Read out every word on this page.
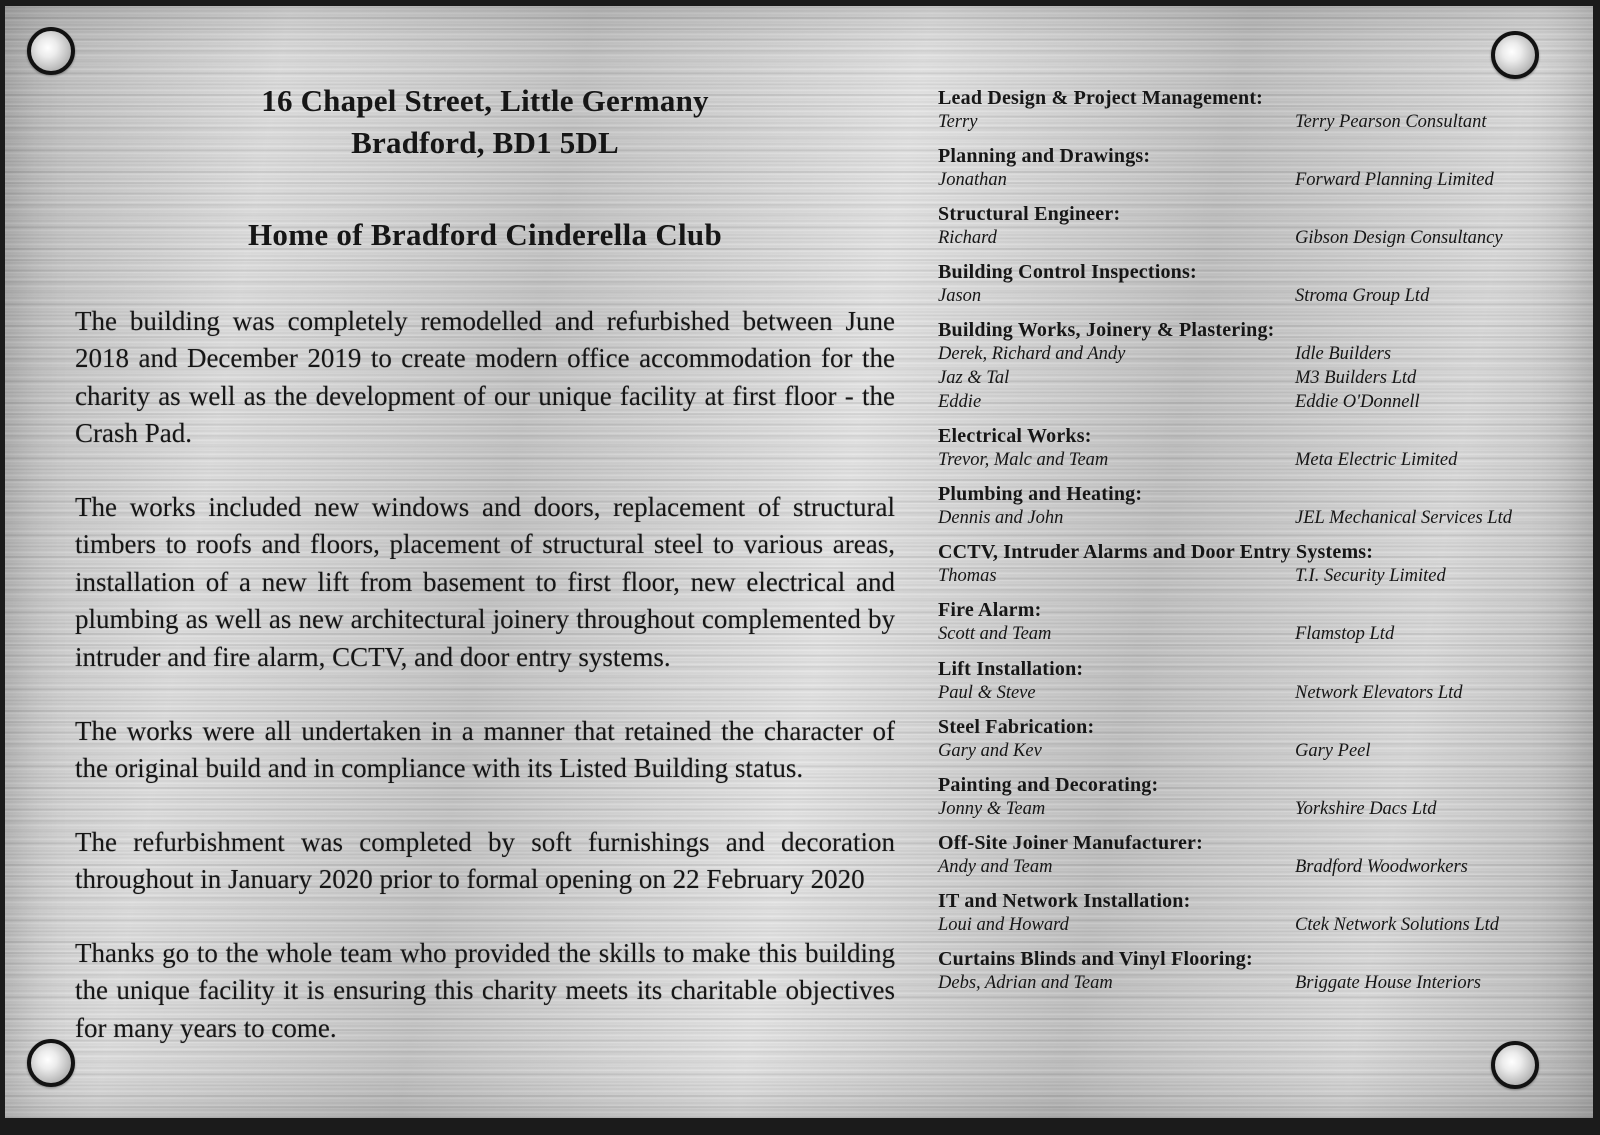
16 Chapel Street, Little Germany
Bradford, BD1 5DL
Home of Bradford Cinderella Club

The building was completely remodelled and refurbished between June 2018 and December 2019 to create modern office accommodation for the charity as well as the development of our unique facility at first floor - the Crash Pad.

The works included new windows and doors, replacement of structural timbers to roofs and floors, placement of structural steel to various areas, installation of a new lift from basement to first floor, new electrical and plumbing as well as new architectural joinery throughout complemented by intruder and fire alarm, CCTV, and door entry systems.

The works were all undertaken in a manner that retained the character of the original build and in compliance with its Listed Building status.

The refurbishment was completed by soft furnishings and decoration throughout in January 2020 prior to formal opening on 22 February 2020

Thanks go to the whole team who provided the skills to make this building the unique facility it is ensuring this charity meets its charitable objectives for many years to come.

Lead Design & Project Management:
Terry	Terry Pearson Consultant
Planning and Drawings:
Jonathan	Forward Planning Limited
Structural Engineer:
Richard	Gibson Design Consultancy
Building Control Inspections:
Jason	Stroma Group Ltd
Building Works, Joinery & Plastering:
Derek, Richard and Andy	Idle Builders
Jaz & Tal	M3 Builders Ltd
Eddie	Eddie O'Donnell
Electrical Works:
Trevor, Malc and Team	Meta Electric Limited
Plumbing and Heating:
Dennis and John	JEL Mechanical Services Ltd
CCTV, Intruder Alarms and Door Entry Systems:
Thomas	T.I. Security Limited
Fire Alarm:
Scott and Team	Flamstop Ltd
Lift Installation:
Paul & Steve	Network Elevators Ltd
Steel Fabrication:
Gary and Kev	Gary Peel
Painting and Decorating:
Jonny & Team	Yorkshire Dacs Ltd
Off-Site Joiner Manufacturer:
Andy and Team	Bradford Woodworkers
IT and Network Installation:
Loui and Howard	Ctek Network Solutions Ltd
Curtains Blinds and Vinyl Flooring:
Debs, Adrian and Team	Briggate House Interiors
